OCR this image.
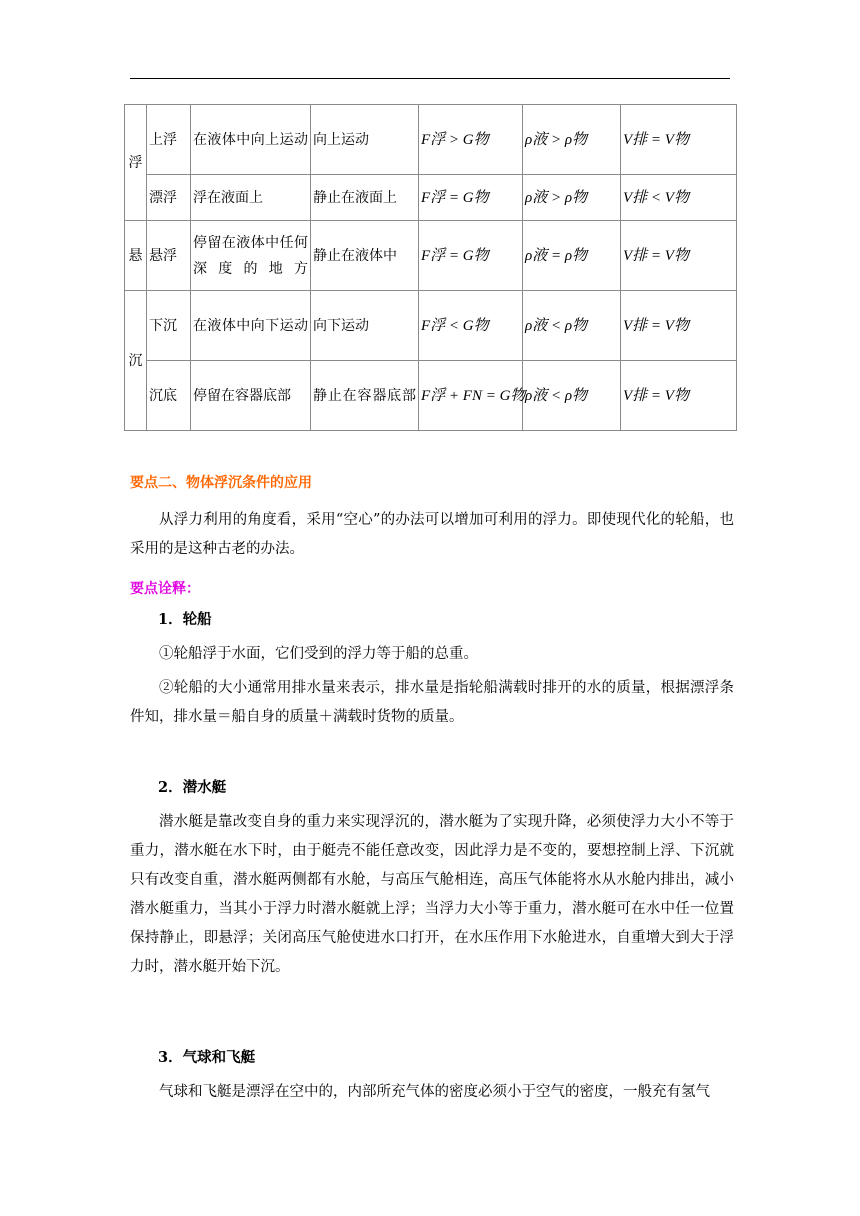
浮	上浮	在液体中向上运动	向上运动	F浮 > G物	ρ液 > ρ物	V排 = V物
	漂浮	浮在液面上	静止在液面上	F浮 = G物	ρ液 > ρ物	V排 < V物
悬	悬浮	停留在液体中任何深度的地方	静止在液体中	F浮 = G物	ρ液 = ρ物	V排 = V物
沉	下沉	在液体中向下运动	向下运动	F浮 < G物	ρ液 < ρ物	V排 = V物
	沉底	停留在容器底部	静止在容器底部	F浮 + FN = G物	ρ液 < ρ物	V排 = V物
要点二、物体浮沉条件的应用
从浮力利用的角度看，采用“空心”的办法可以增加可利用的浮力。即使现代化的轮船，也采用的是这种古老的办法。
要点诠释：
1．轮船
①轮船浮于水面，它们受到的浮力等于船的总重。
②轮船的大小通常用排水量来表示，排水量是指轮船满载时排开的水的质量，根据漂浮条件知，排水量＝船自身的质量＋满载时货物的质量。
2．潜水艇
潜水艇是靠改变自身的重力来实现浮沉的，潜水艇为了实现升降，必须使浮力大小不等于重力，潜水艇在水下时，由于艇壳不能任意改变，因此浮力是不变的，要想控制上浮、下沉就只有改变自重，潜水艇两侧都有水舱，与高压气舱相连，高压气体能将水从水舱内排出，减小潜水艇重力，当其小于浮力时潜水艇就上浮；当浮力大小等于重力，潜水艇可在水中任一位置保持静止，即悬浮；关闭高压气舱使进水口打开，在水压作用下水舱进水，自重增大到大于浮力时，潜水艇开始下沉。
3．气球和飞艇
气球和飞艇是漂浮在空中的，内部所充气体的密度必须小于空气的密度，一般充有氢气
